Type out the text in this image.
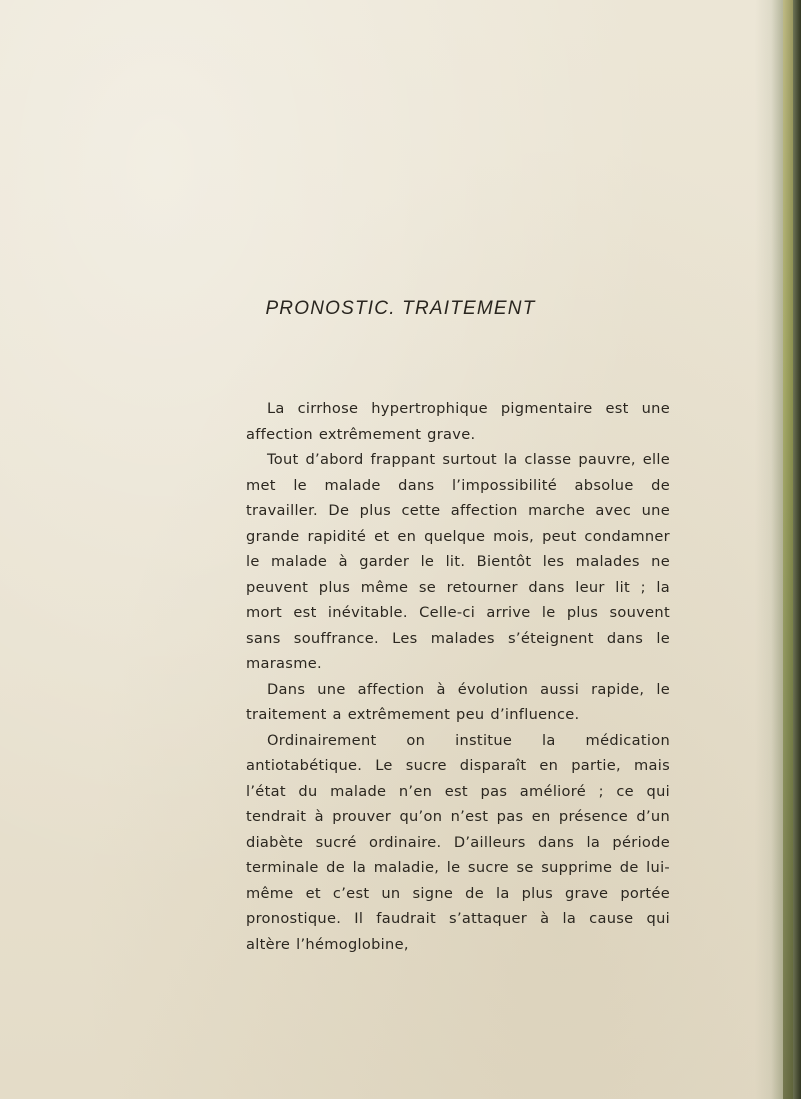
PRONOSTIC. TRAITEMENT

La cirrhose hypertrophique pigmentaire est une affection extrêmement grave.

Tout d’abord frappant surtout la classe pauvre, elle met le malade dans l’impossibilité absolue de travailler. De plus cette affection marche avec une grande rapidité et en quelque mois, peut condamner le malade à garder le lit. Bientôt les malades ne peuvent plus même se retourner dans leur lit ; la mort est inévitable. Celle-ci arrive le plus souvent sans souffrance. Les malades s’éteignent dans le marasme.

Dans une affection à évolution aussi rapide, le traitement a extrêmement peu d’influence.

Ordinairement on institue la médication antiotabétique. Le sucre disparaît en partie, mais l’état du malade n’en est pas amélioré ; ce qui tendrait à prouver qu’on n’est pas en présence d’un diabète sucré ordinaire. D’ailleurs dans la période terminale de la maladie, le sucre se supprime de lui-même et c’est un signe de la plus grave portée pronostique. Il faudrait s’attaquer à la cause qui altère l’hémoglobine,
